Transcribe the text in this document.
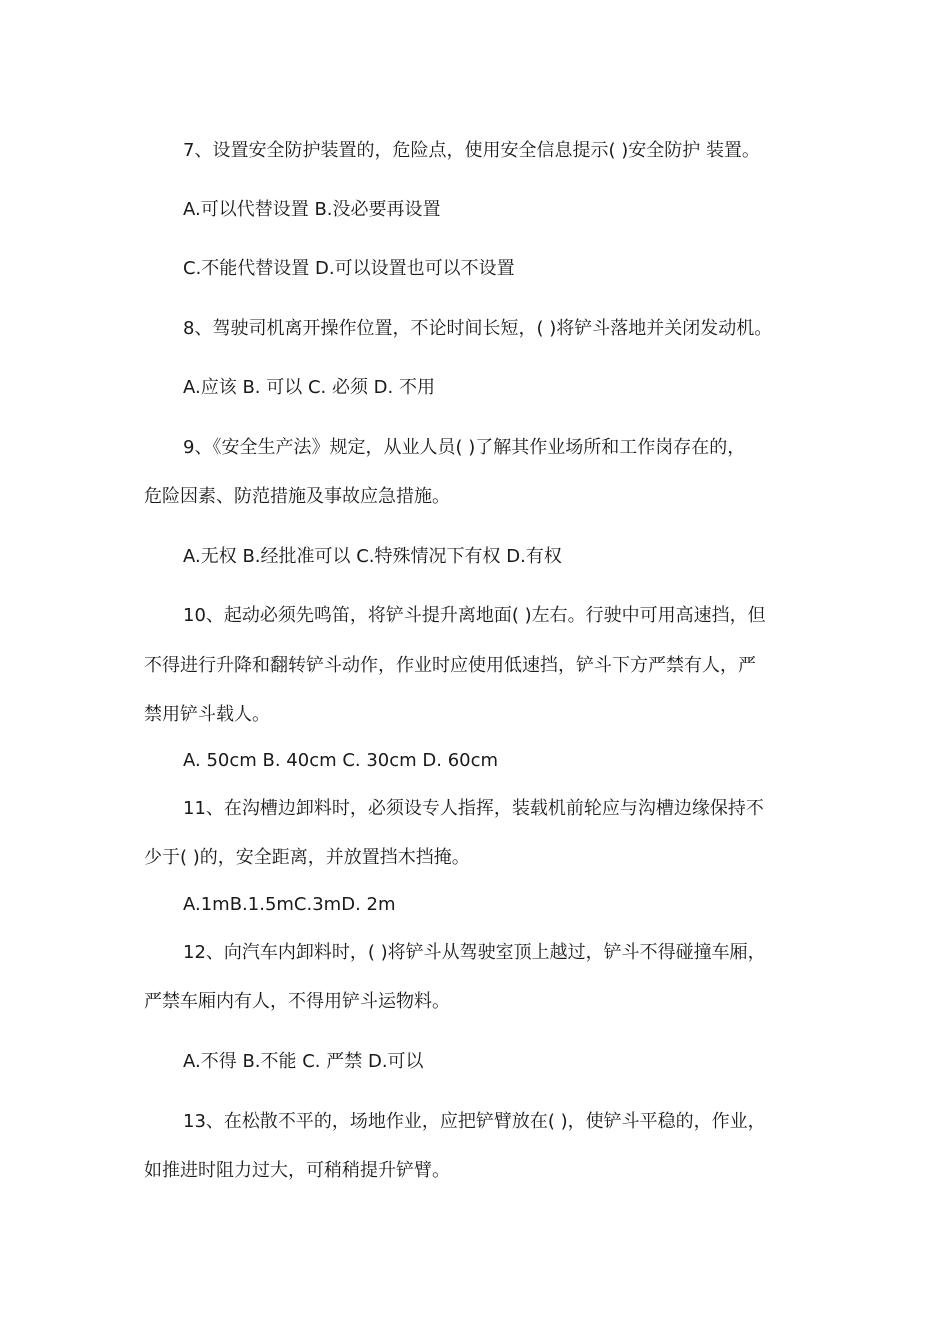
7、设置安全防护装置的，危险点，使用安全信息提示( )安全防护 装置。
A.可以代替设置 B.没必要再设置
C.不能代替设置 D.可以设置也可以不设置
8、驾驶司机离开操作位置，不论时间长短，( )将铲斗落地并关闭发动机。
A.应该 B. 可以 C. 必须 D. 不用
9、《安全生产法》规定，从业人员( )了解其作业场所和工作岗存在的，
危险因素、防范措施及事故应急措施。
A.无权 B.经批准可以 C.特殊情况下有权 D.有权
10、起动必须先鸣笛，将铲斗提升离地面( )左右。行驶中可用高速挡，但
不得进行升降和翻转铲斗动作，作业时应使用低速挡，铲斗下方严禁有人，严
禁用铲斗载人。
A. 50cm B. 40cm C. 30cm D. 60cm
11、在沟槽边卸料时，必须设专人指挥，装载机前轮应与沟槽边缘保持不
少于( )的，安全距离，并放置挡木挡掩。
A.1mB.1.5mC.3mD. 2m
12、向汽车内卸料时，( )将铲斗从驾驶室顶上越过，铲斗不得碰撞车厢，
严禁车厢内有人，不得用铲斗运物料。
A.不得 B.不能 C. 严禁 D.可以
13、在松散不平的，场地作业，应把铲臂放在( )，使铲斗平稳的，作业，
如推进时阻力过大，可稍稍提升铲臂。
